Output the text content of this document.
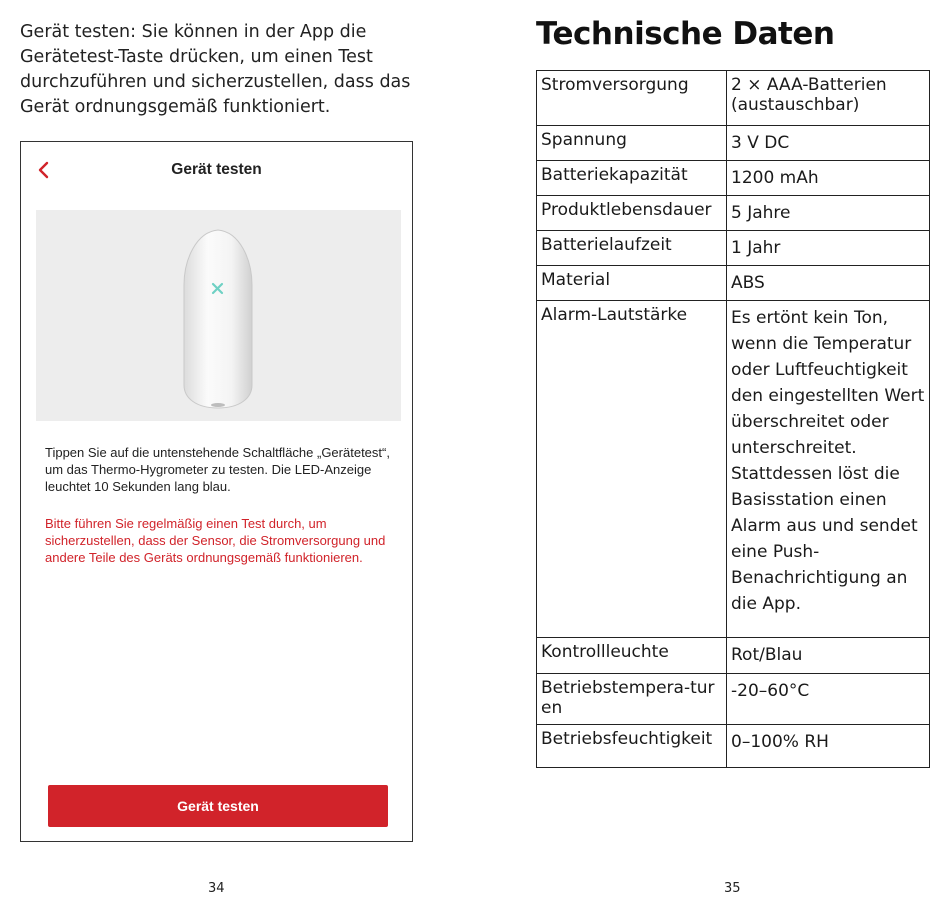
Gerät testen: Sie können in der App die Gerätetest-Taste drücken, um einen Test durchzuführen und sicherzustellen, dass das Gerät ordnungsgemäß funktioniert.

Gerät testen

Tippen Sie auf die untenstehende Schaltfläche „Gerätetest“, um das Thermo-Hygrometer zu testen. Die LED-Anzeige leuchtet 10 Sekunden lang blau.

Bitte führen Sie regelmäßig einen Test durch, um sicherzustellen, dass der Sensor, die Stromversorgung und andere Teile des Geräts ordnungsgemäß funktionieren.

Gerät testen
34
Technische Daten
Stromversorgung	2 × AAA-Batterien (austauschbar)
Spannung	3 V DC
Batteriekapazität	1200 mAh
Produktlebensdauer	5 Jahre
Batterielaufzeit	1 Jahr
Material	ABS
Alarm-Lautstärke	Es ertönt kein Ton, wenn die Temperatur oder Luftfeuchtigkeit den eingestellten Wert überschreitet oder unterschreitet. Stattdessen löst die Basisstation einen Alarm aus und sendet eine Push-Benachrichtigung an die App.
Kontrollleuchte	Rot/Blau
Betriebstempera-turen	-20–60°C
Betriebsfeuchtigkeit	0–100% RH
35
